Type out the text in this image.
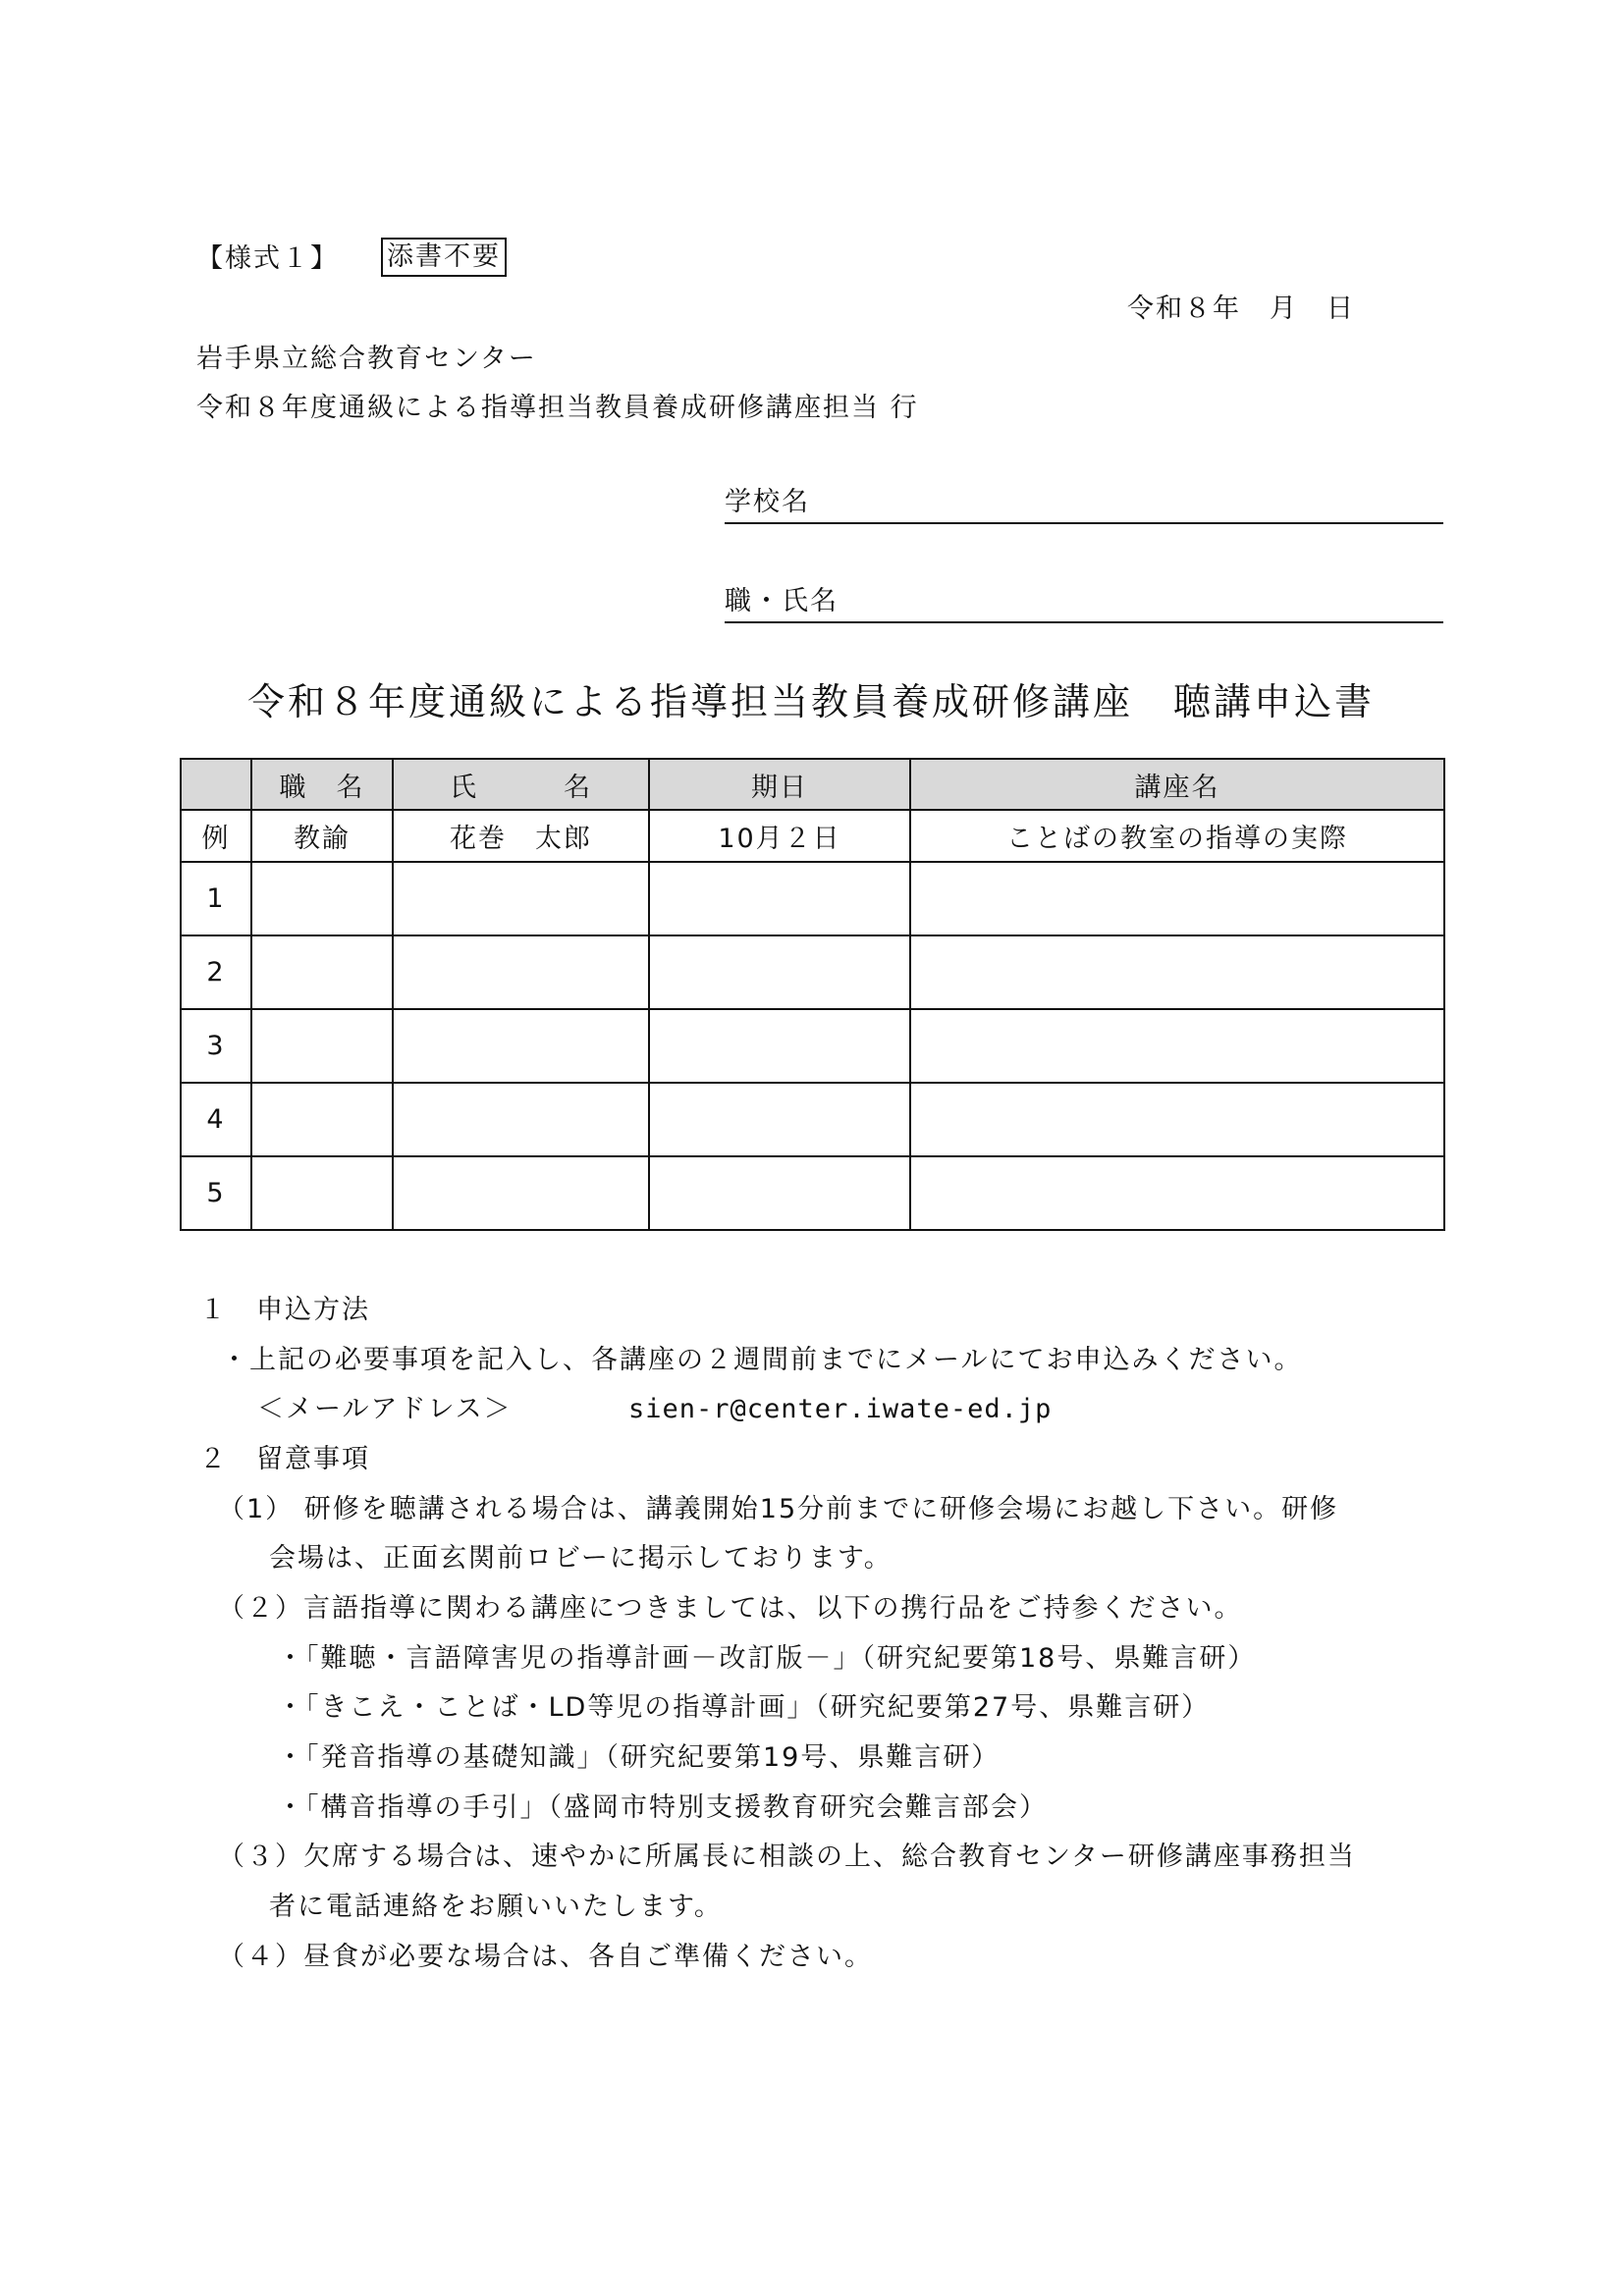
【様式１】 添書不要
令和８年　月　日
岩手県立総合教育センター
令和８年度通級による指導担当教員養成研修講座担当 行
学校名
職・氏名
令和８年度通級による指導担当教員養成研修講座　聴講申込書
	職　名	氏　　　名	期日	講座名
例	教諭	花巻　太郎	10月２日	ことばの教室の指導の実際
1				
2				
3				
4				
5				
１　申込方法
・上記の必要事項を記入し、各講座の２週間前までにメールにてお申込みください。
＜メールアドレス＞	sien-r@center.iwate-ed.jp
２　留意事項
（1） 研修を聴講される場合は、講義開始15分前までに研修会場にお越し下さい。研修
会場は、正面玄関前ロビーに掲示しております。
（２）言語指導に関わる講座につきましては、以下の携行品をご持参ください。
・「難聴・言語障害児の指導計画－改訂版－」（研究紀要第18号、県難言研）
・「きこえ・ことば・LD等児の指導計画」（研究紀要第27号、県難言研）
・「発音指導の基礎知識」（研究紀要第19号、県難言研）
・「構音指導の手引」（盛岡市特別支援教育研究会難言部会）
（３）欠席する場合は、速やかに所属長に相談の上、総合教育センター研修講座事務担当
者に電話連絡をお願いいたします。
（４）昼食が必要な場合は、各自ご準備ください。
